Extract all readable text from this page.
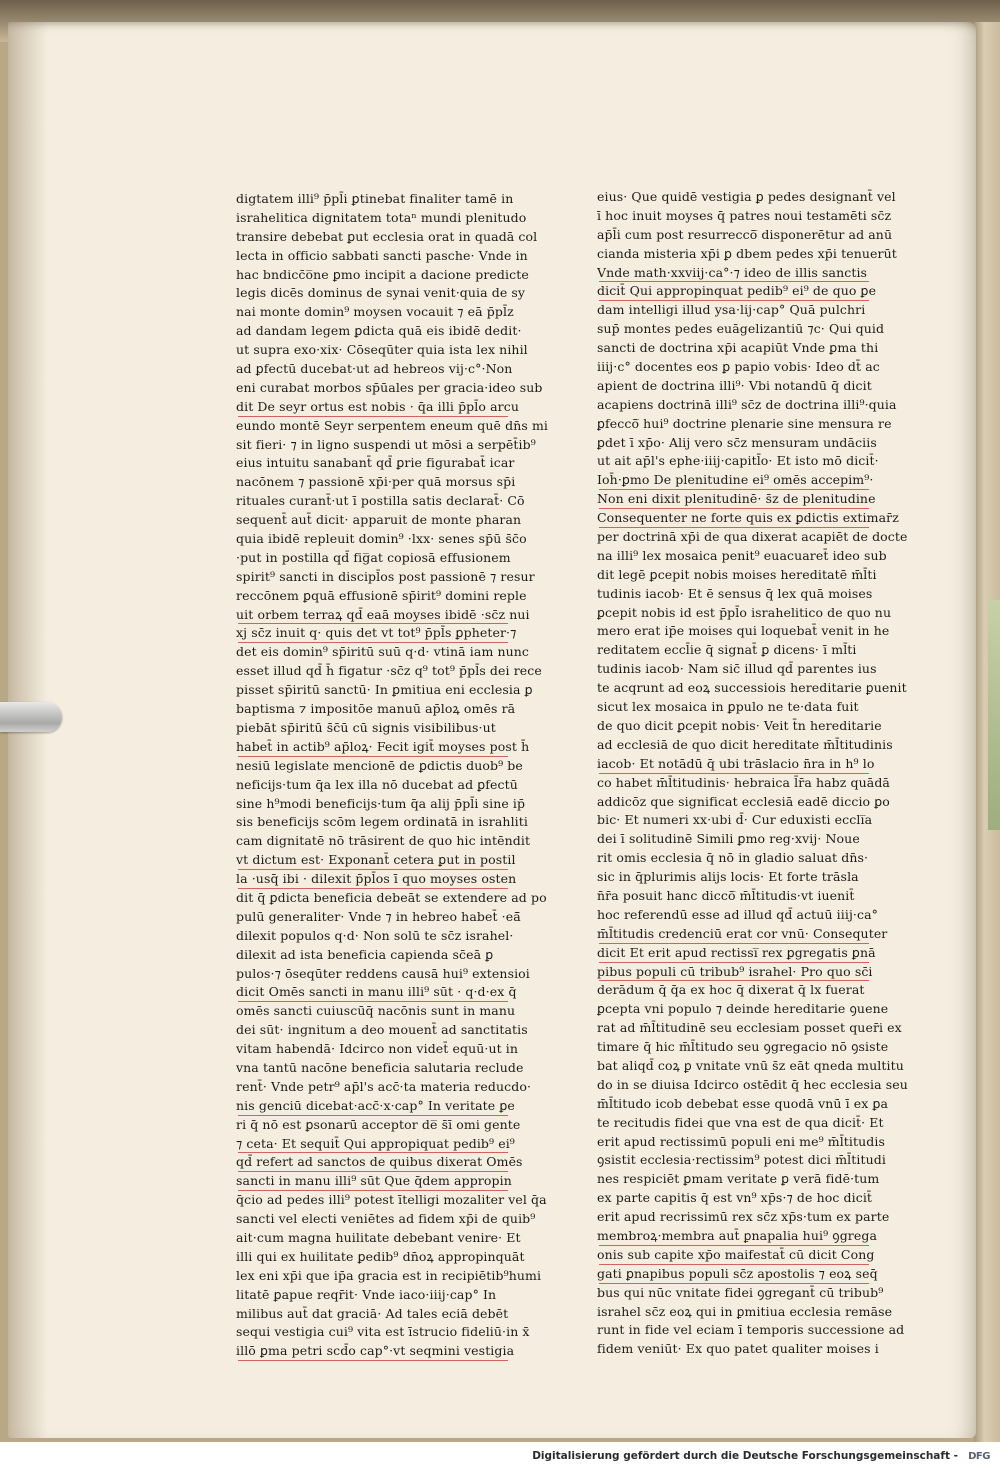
digtatem illi⁹ p̄pl̄i ꝑtinebat finaliter tamē in
israhelitica dignitatem totaⁿ mundi plenitudo
transire debebat ꝑut ecclesia orat in quadā col
lecta in officio sabbati sancti pasche· Vnde in
hac bndicc̄o̅ne ꝑmo incipit a dacione predicte
legis dicēs dominus de synai venit·quia de sy
nai monte domin⁹ moysen vocauit ⁊ eā p̄pl̄z
ad dandam legem ꝑdicta quā eis ibidē dedit·
ut supra exo·xix· Cōseqūter quia ista lex nihil
ad ꝑfectū ducebat·ut ad hebreos vij·c°·Non
eni curabat morbos sp̄ūales per gracia·ideo sub
dit De seyr ortus est nobis · q̄a illi p̄pl̄o arcu
eundo montē Seyr serpentem eneum quē dn̄s mi
sit fieri· ⁊ in ligno suspendi ut mōsi a serpēt̄ib⁹
eius intuitu sanabant̄ qd̄ ꝑrie figurabat̄ icar
nacōnem ⁊ passionē xp̄i·per quā morsus sp̄i
rituales curant̄·ut ī postilla satis declarat̄· Cō
sequent̄ aut̄ dicit· apparuit de monte pharan
quia ibidē repleuit domin⁹ ·lxx· senes sp̄ū s̄c̄o
·put in postilla qd̄ fig̅at copiosā effusionem
spirit⁹ sancti in discipl̄os post passionē ⁊ resur
reccōnem ꝑquā effusionē sp̄irit⁹ domini reple
uit orbem terraꝝ qd̄ eaā moyses ibidē ·sc̄z nui
xj sc̄z inuit q· quis det vt tot⁹ p̄pl̄s ꝑpheter·⁊
det eis domin⁹ sp̄iritū suū q·d· vtinā iam nunc
esset illud qd̄ h̄ figatur ·sc̄z q⁹ tot⁹ p̄pl̄s dei rece
pisset sp̄iritū sanctū· In ꝑmitiua eni ecclesia ꝑ
baptisma ⁊ impositōe manuū ap̄loꝝ omēs rā
piebāt sp̄iritū s̄c̄ū cū signis visibilibus·ut
habet̄ in actib⁹ ap̄loꝝ· Fecit igit̄ moyses post h̄
nesiū legislate mencionē de ꝑdictis duob⁹ be
neficijs·tum q̄a lex illa nō ducebat ad ꝑfectū
sine h⁹modi beneficijs·tum q̄a alij p̄pl̄i sine ip̄
sis beneficijs scōm legem ordinatā in israhliti
cam dignitatē nō trāsirent de quo hic intēndit
vt dictum est· Exponant̄ cetera ꝑut in postil
la ·usq̄ ibi · dilexit p̄pl̄os ī quo moyses osten
dit q̄ ꝑdicta beneficia debeāt se extendere ad po
pulū generaliter· Vnde ⁊ in hebreo habet̄ ·eā̄
dilexit populos q·d· Non solū te sc̄z israhel·
dilexit ad ista beneficia capienda sc̄eā ꝑ
pulos·⁊ ōseqūter reddens causā hui⁹ extensioi
dicit Omēs sancti in manu illi⁹ sūt · q·d·ex q̄
omēs sancti cuiuscūq̄ nacōnis sunt in manu
dei sūt· ingnitum a deo mouent̄ ad sanctitatis
vitam habendā· Idcirco non videt̄ equū·ut in
vna tantū nacōne beneficia salutaria reclude
rent̄· Vnde petr⁹ ap̄l's acc̄·ta materia reducdo·
nis genciū dicebat·acc̄·x·cap° In veritate ꝑe
ri q̄ nō est ꝑsonarū acceptor de̅ s̄ī omi gente
⁊ ceta· Et sequit̄ Qui appropiquat pedib⁹ ei⁹
qd̄ refert ad sanctos de quibus dixerat Omēs
sancti in manu illi⁹ sūt Que q̄dem appropin
q̄cio ad pedes illi⁹ potest ītelligi mozaliter vel q̄a
sancti vel electi veniētes ad fidem xp̄i de quib⁹
ait·cum magna huilitate debebant venire· Et
illi qui ex huilitate ꝑedib⁹ dn̄oꝝ appropinquāt
lex eni xp̄i que ip̄a gracia est in recipiētib⁹humi
litatē ꝑapue reqr̄it· Vnde iaco·iiij·cap° In
milibus aut̄ dat graciā· Ad tales eciā debēt
sequi vestigia cui⁹ vita est īstrucio fideliū·in x̄
illō ꝑma petri scd̄o cap°·vt seqmini vestigia
eius· Que quidē vestigia ꝑ pedes designant̄ vel
ī hoc inuit moyses q̄ patres noui testamēti sc̄z
ap̄l̄i cum post resurreccō̅ disponerētur ad anū
cianda misteria xp̄i ꝑ dbem pedes xp̄i tenuerūt
Vnde math·xxviij·ca°·⁊ ideo de illis sanctis
dicit̄ Qui appropinquat pedib⁹ ei⁹ de quo ꝑe
dam intelligi illud ysa·lij·cap° Quā pulchri
sup̄ montes pedes euāgelizantiū ⁊c· Qui quid
sancti de doctrina xp̄i acapiūt Vnde ꝑma thi
iiij·c° docentes eos ꝑ papio vobis· Ideo dt̄ ac
apient de doctrina illi⁹· Vbi notandū q̄ dicit
acapiens doctrinā illi⁹ sc̄z de doctrina illi⁹·quia
ꝑfeccō̅ hui⁹ doctrine plenarie sine mensura re
ꝑdet ī xp̄o· Alij vero sc̄z mensuram undāciis
ut ait ap̄l's ephe·iiij·capitl̄o· Et isto mō dicit̄·
Ioh̄·ꝑmo De plenitudine ei⁹ omēs accepim⁹·
Non eni dixit plenitudinē· s̄z de plenitudine
Consequenter ne forte quis ex ꝑdictis extimar̄z
per doctrinā xp̄i de qua dixerat acapiēt de docte
na illi⁹ lex mosaica penit⁹ euacuaret̄ ideo sub
dit legē ꝑcepit nobis moises hereditatē m̄l̄ti
tudinis iacob· Et ē sensus q̄ lex quā moises
ꝑcepit nobis id est p̄pl̄o israhelitico de quo nu
mero erat ip̄e moises qui loquebat̄ venit in he
reditatem eccl̄ie q̄ signat̄ ꝑ dicens· ī ml̄ti
tudinis iacob· Nam sic̄ illud qd̄ parentes ius
te acqrunt ad eoꝝ successiois hereditarie ꝑuenit
sicut lex mosaica in ꝑpulo ne te·data fuit
de quo dicit ꝑcepit nobis· Veit t̄n hereditarie
ad ecclesiā de quo dicit hereditate m̄l̄titudinis
iacob· Et notādū q̄ ubi trāslacio n̄ra in h⁹ lo
co habet m̄l̄titudinis· hebraica l̄r̄a habz quādā
addicōz que significat ecclesiā eadē diccio ꝑo
bic· Et numeri xx·ubi d̄· Cur eduxisti eccli̅a
dei ī solitudinē Simili ꝑmo reg·xvij· Noue
rit omis ecclesia q̄ nō in gladio saluat dn̄s·
sic in q̄plurimis alijs locis· Et forte trāsla
n̄r̄a posuit hanc diccō̅ m̄l̄titudis·vt iuenit̄
hoc referendū esse ad illud qd̄ actuū iiij·ca°
m̄l̄titudis credenciū erat cor vnū· Consequter
dicit Et erit apud rectissi̅ rex ꝑgregatis ꝑnā
pibus populi cū tribub⁹ israhel· Pro quo sc̄i
derādum q̄ q̄a ex hoc q̄ dixerat q̄ lx fuerat
ꝑcepta vni populo ⁊ deinde hereditarie ꝯuene
rat ad m̄l̄titudinē seu ecclesiam posset quer̄i ex
timare q̄ hic m̄l̄titudo seu ꝯgregacio nō ꝯsiste
bat aliqd̄ coꝝ ꝑ vnitate vnū s̄z eāt qneda multitu
do in se diuisa Idcirco ostēdit q̄ hec ecclesia seu
m̄l̄titudo icob debebat esse quodā vnū ī ex ꝑa
te recitudis fidei que vna est de qua dicit̄· Et
erit apud rectissimū populi eni me⁹ m̄l̄titudis
ꝯsistit ecclesia·rectissim⁹ potest dici m̄l̄titudi
nes respiciēt ꝑmam veritate ꝑ verā fidē·tum
ex parte capitis q̄ est vn⁹ xp̄s·⁊ de hoc dicit̄
erit apud recrissimū rex sc̄z xp̄s·tum ex parte
membroꝝ·membra aut̄ ꝑnapalia hui⁹ ꝯgrega
onis sub capite xp̄o maifestat̄ cū dicit Cong
gati ꝑnapibus populi sc̄z apostolis ⁊ eoꝝ seq̄
bus qui nūc vnitate fidei ꝯgregant̄ cū tribub⁹
israhel sc̄z eoꝝ qui in ꝑmitiua ecclesia remāse
runt in fide vel eciam ī temporis successione ad
fidem veniūt· Ex quo patet qualiter moises i
Digitalisierung gefördert durch die Deutsche Forschungsgemeinschaft - DFG
